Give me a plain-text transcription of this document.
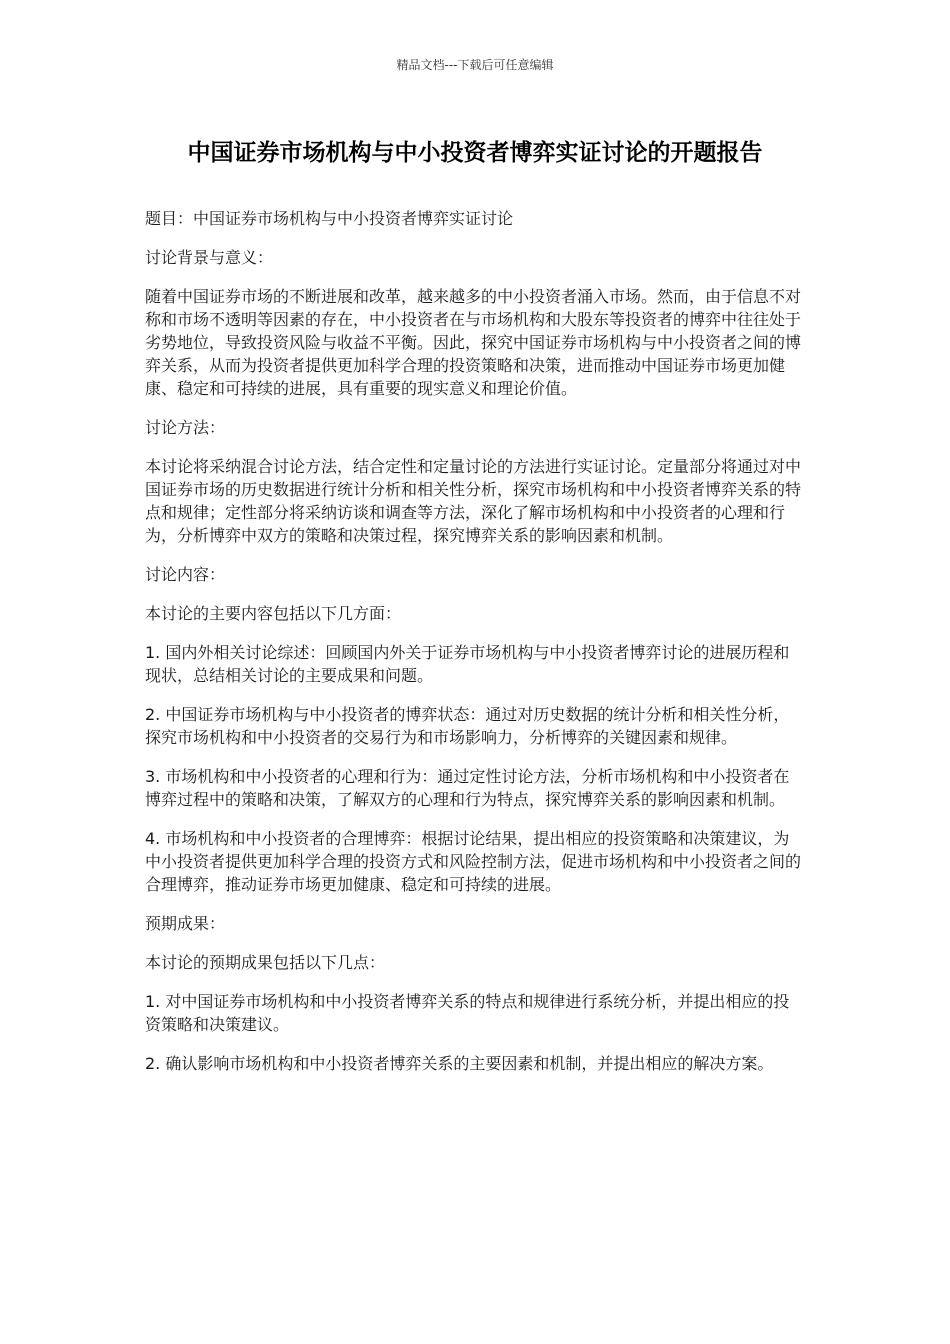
精品文档---下载后可任意编辑
中国证券市场机构与中小投资者博弈实证讨论的开题报告

题目：中国证券市场机构与中小投资者博弈实证讨论

讨论背景与意义：

随着中国证券市场的不断进展和改革，越来越多的中小投资者涌入市场。然而，由于信息不对称和市场不透明等因素的存在，中小投资者在与市场机构和大股东等投资者的博弈中往往处于劣势地位，导致投资风险与收益不平衡。因此，探究中国证券市场机构与中小投资者之间的博弈关系，从而为投资者提供更加科学合理的投资策略和决策，进而推动中国证券市场更加健康、稳定和可持续的进展，具有重要的现实意义和理论价值。

讨论方法：

本讨论将采纳混合讨论方法，结合定性和定量讨论的方法进行实证讨论。定量部分将通过对中国证券市场的历史数据进行统计分析和相关性分析，探究市场机构和中小投资者博弈关系的特点和规律；定性部分将采纳访谈和调查等方法，深化了解市场机构和中小投资者的心理和行为，分析博弈中双方的策略和决策过程，探究博弈关系的影响因素和机制。

讨论内容：

本讨论的主要内容包括以下几方面：

1. 国内外相关讨论综述：回顾国内外关于证券市场机构与中小投资者博弈讨论的进展历程和现状，总结相关讨论的主要成果和问题。

2. 中国证券市场机构与中小投资者的博弈状态：通过对历史数据的统计分析和相关性分析，探究市场机构和中小投资者的交易行为和市场影响力，分析博弈的关键因素和规律。

3. 市场机构和中小投资者的心理和行为：通过定性讨论方法，分析市场机构和中小投资者在博弈过程中的策略和决策，了解双方的心理和行为特点，探究博弈关系的影响因素和机制。

4. 市场机构和中小投资者的合理博弈：根据讨论结果，提出相应的投资策略和决策建议，为中小投资者提供更加科学合理的投资方式和风险控制方法，促进市场机构和中小投资者之间的合理博弈，推动证券市场更加健康、稳定和可持续的进展。

预期成果：

本讨论的预期成果包括以下几点：

1. 对中国证券市场机构和中小投资者博弈关系的特点和规律进行系统分析，并提出相应的投资策略和决策建议。

2. 确认影响市场机构和中小投资者博弈关系的主要因素和机制，并提出相应的解决方案。
